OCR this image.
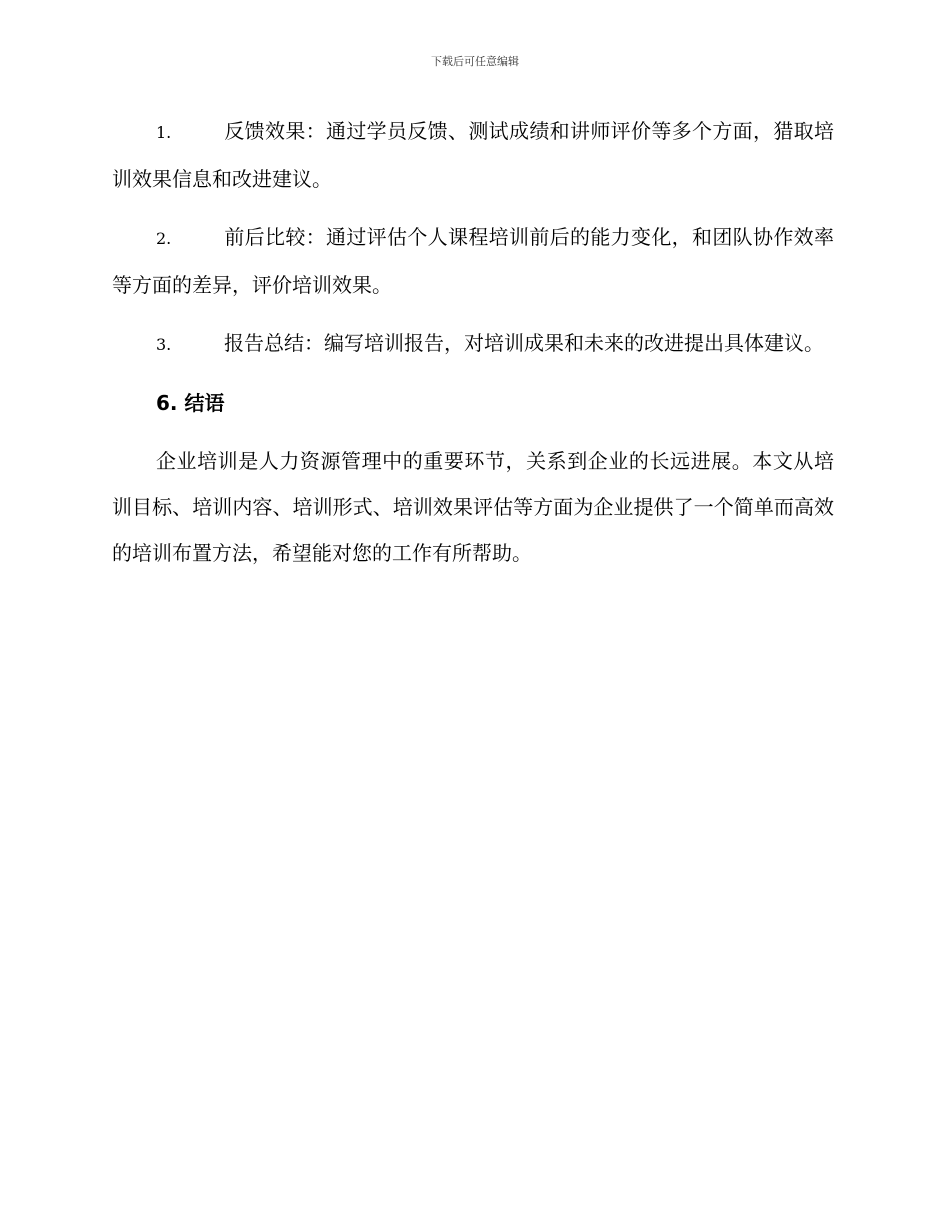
下载后可任意编辑

1.	反馈效果：通过学员反馈、测试成绩和讲师评价等多个方面，猎取培训效果信息和改进建议。

2.	前后比较：通过评估个人课程培训前后的能力变化，和团队协作效率等方面的差异，评价培训效果。

3.	报告总结：编写培训报告，对培训成果和未来的改进提出具体建议。

6. 结语

企业培训是人力资源管理中的重要环节，关系到企业的长远进展。本文从培训目标、培训内容、培训形式、培训效果评估等方面为企业提供了一个简单而高效的培训布置方法，希望能对您的工作有所帮助。
